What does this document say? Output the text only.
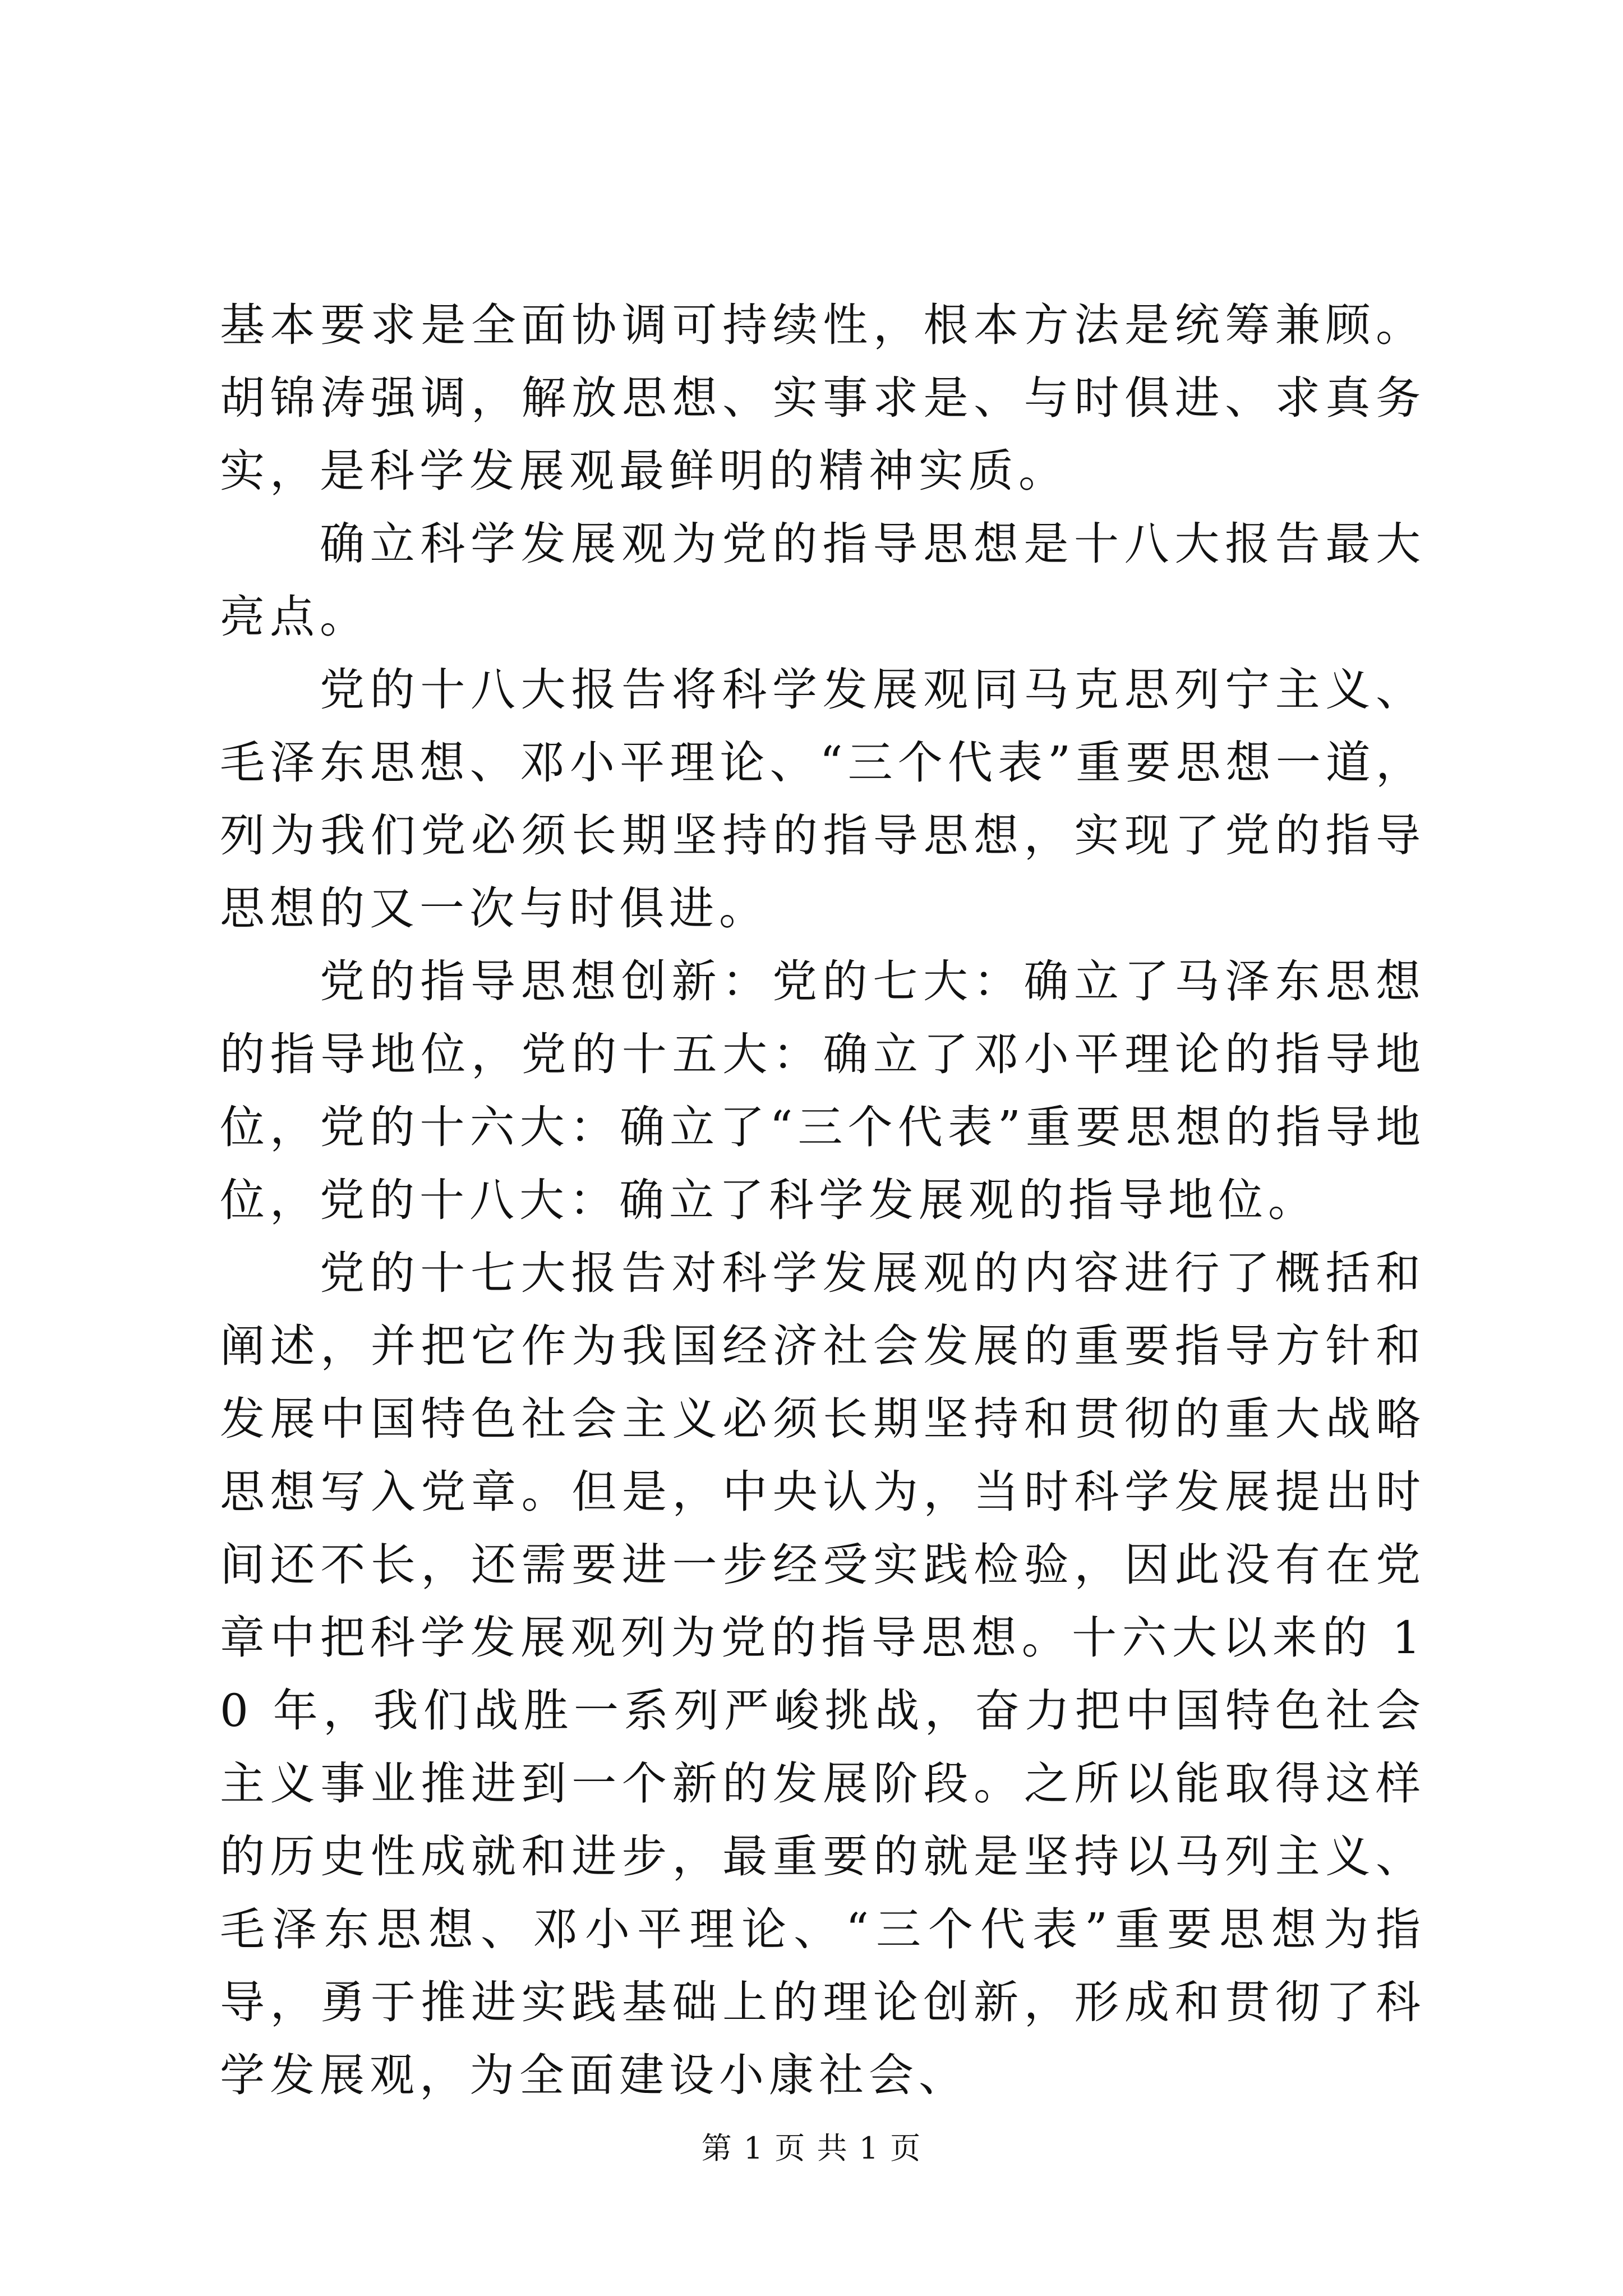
基本要求是全面协调可持续性，根本方法是统筹兼顾。胡锦涛强调，解放思想、实事求是、与时俱进、求真务实，是科学发展观最鲜明的精神实质。

确立科学发展观为党的指导思想是十八大报告最大亮点。

党的十八大报告将科学发展观同马克思列宁主义、毛泽东思想、邓小平理论、“三个代表”重要思想一道，列为我们党必须长期坚持的指导思想，实现了党的指导思想的又一次与时俱进。

党的指导思想创新：党的七大：确立了马泽东思想的指导地位，党的十五大：确立了邓小平理论的指导地位，党的十六大：确立了“三个代表”重要思想的指导地位，党的十八大：确立了科学发展观的指导地位。

党的十七大报告对科学发展观的内容进行了概括和阐述，并把它作为我国经济社会发展的重要指导方针和发展中国特色社会主义必须长期坚持和贯彻的重大战略思想写入党章。但是，中央认为，当时科学发展提出时间还不长，还需要进一步经受实践检验，因此没有在党章中把科学发展观列为党的指导思想。十六大以来的 10 年，我们战胜一系列严峻挑战，奋力把中国特色社会主义事业推进到一个新的发展阶段。之所以能取得这样的历史性成就和进步，最重要的就是坚持以马列主义、毛泽东思想、邓小平理论、“三个代表”重要思想为指导，勇于推进实践基础上的理论创新，形成和贯彻了科学发展观，为全面建设小康社会、

第 1 页 共 1 页
